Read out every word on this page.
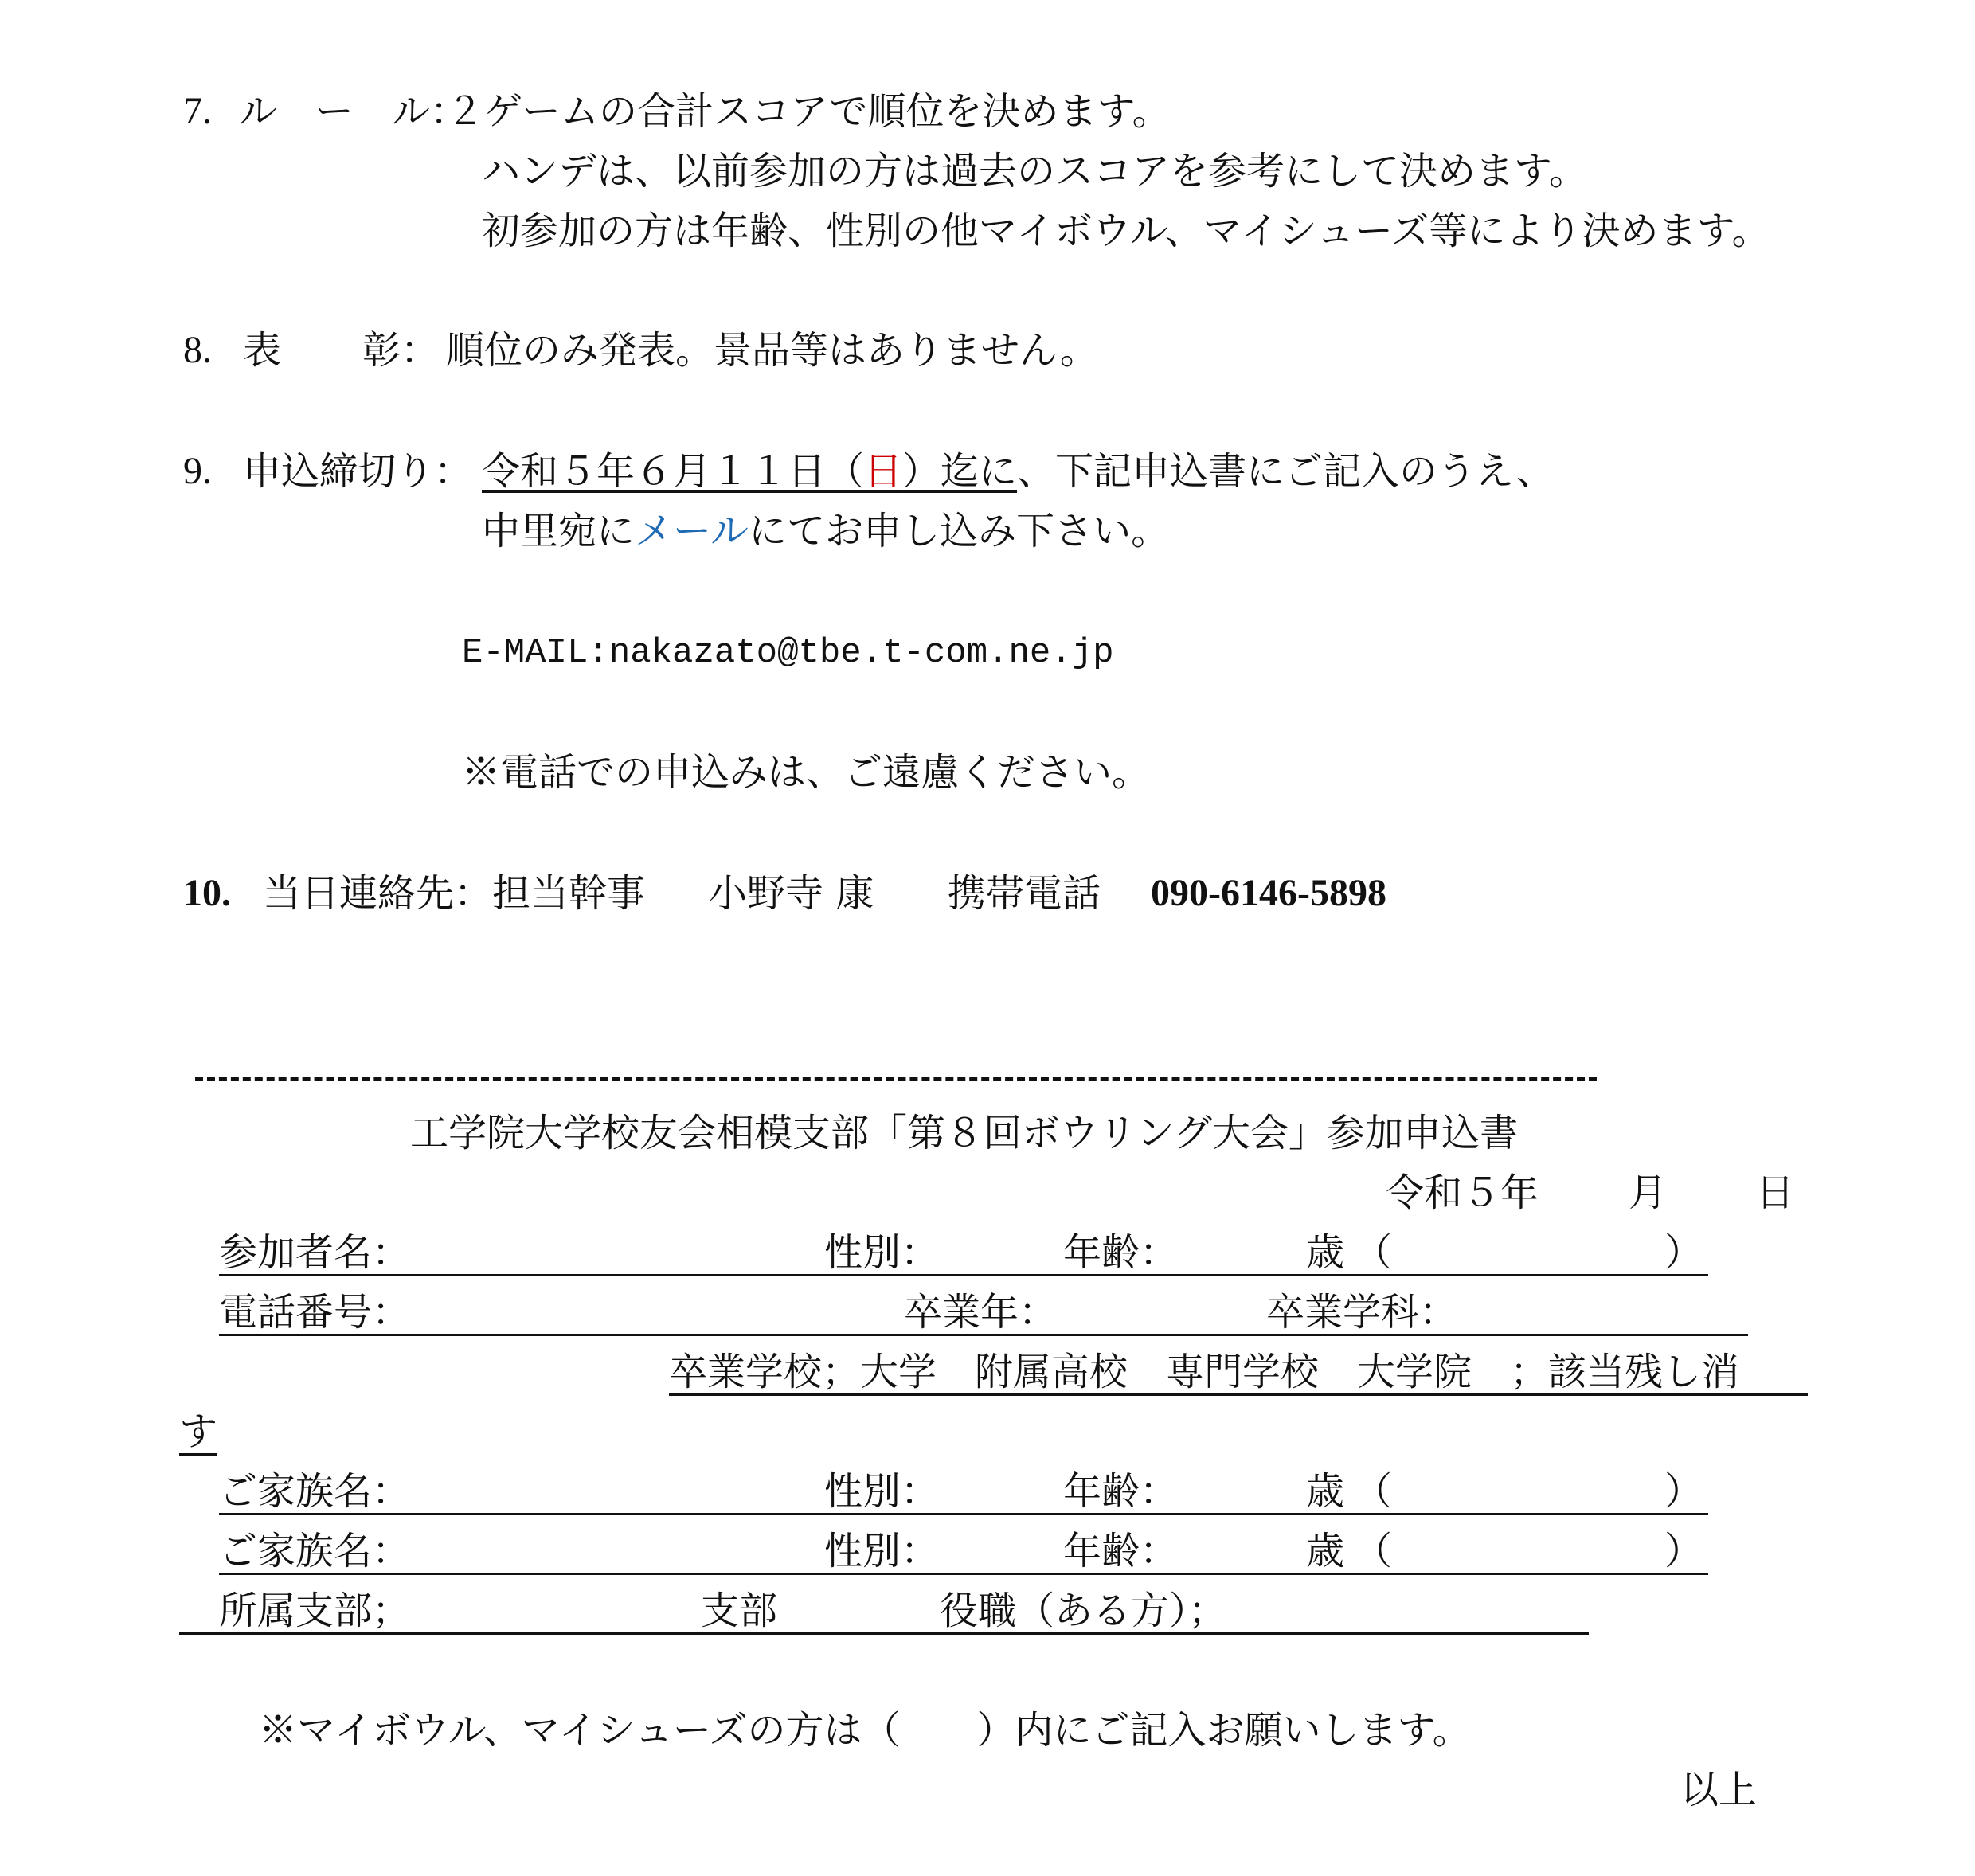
7. ル　ー　ル：
２ゲームの合計スコアで順位を決めます。
ハンデは、以前参加の方は過去のスコアを参考にして決めます。
初参加の方は年齢、性別の他マイボウル、マイシューズ等により決めます。
8. 表 彰： 順位のみ発表。景品等はありません。
9. 申込締切り： 令和５年６月１１日（日）迄に、下記申込書にご記入のうえ、
中里宛にメールにてお申し込み下さい。
E-MAIL:nakazato@tbe.t-com.ne.jp
※電話での申込みは、ご遠慮ください。
10. 当日連絡先：担当幹事 小野寺 康 携帯電話 090-6146-5898
工学院大学校友会相模支部「第８回ボウリング大会」参加申込書
令和５年 月 日
参加者名：	性別：	年齢：	歳 （	）
電話番号：	卒業年：	卒業学科：
卒業学校；大学　附属高校　専門学校　大学院　；該当残し消
す
ご家族名：	性別：	年齢：	歳 （	）
ご家族名：	性別：	年齢：	歳 （	）
所属支部；	支部	役職（ある方）；
※マイボウル、マイシューズの方は（　　）内にご記入お願いします。
以上
